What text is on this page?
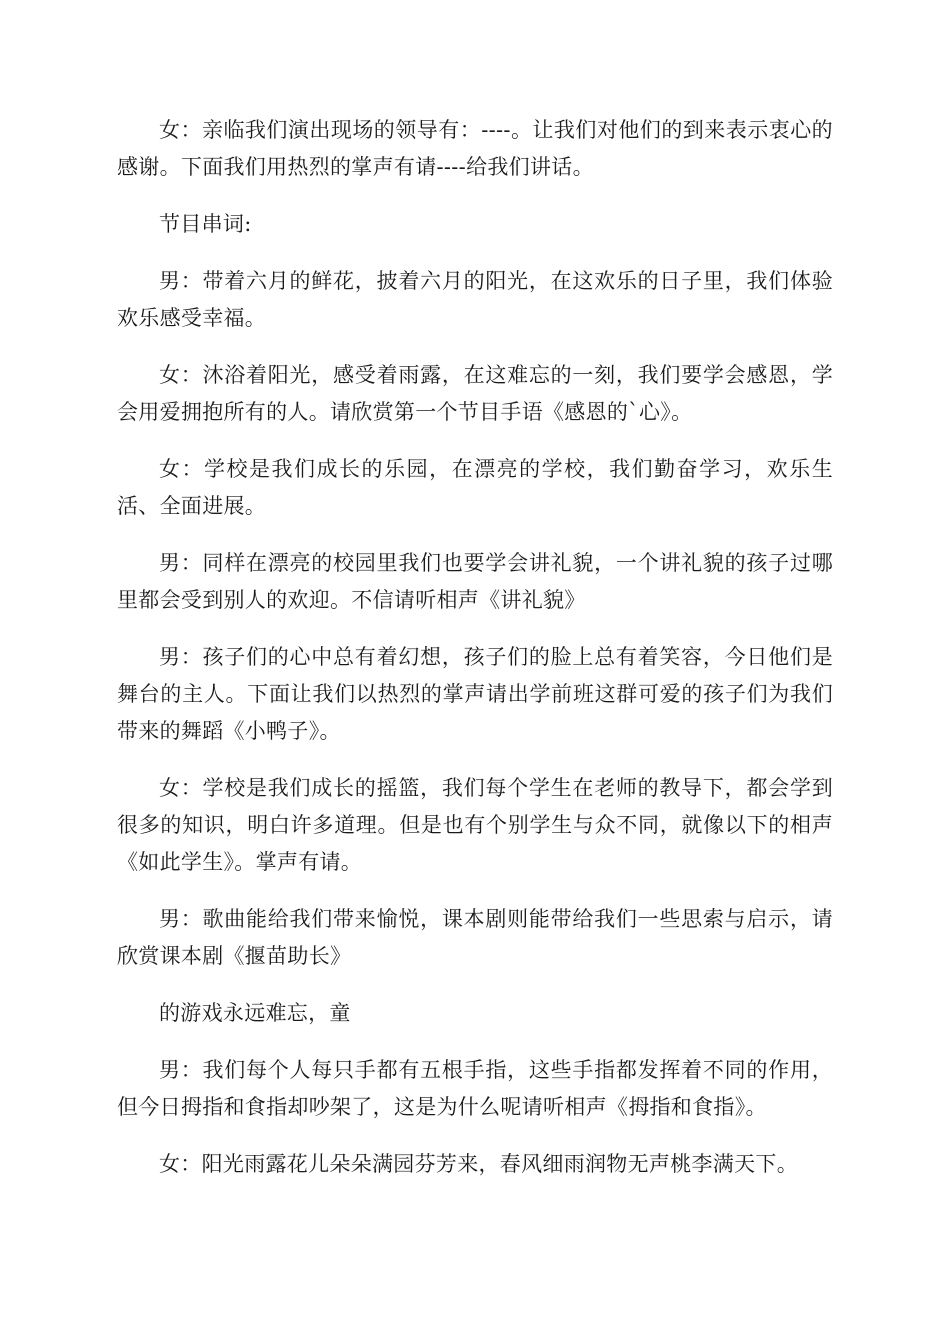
女：亲临我们演出现场的领导有：----。让我们对他们的到来表示衷心的感谢。下面我们用热烈的掌声有请----给我们讲话。

节目串词:

男：带着六月的鲜花，披着六月的阳光，在这欢乐的日子里，我们体验欢乐感受幸福。

女：沐浴着阳光，感受着雨露，在这难忘的一刻，我们要学会感恩，学会用爱拥抱所有的人。请欣赏第一个节目手语《感恩的`心》。

女：学校是我们成长的乐园，在漂亮的学校，我们勤奋学习，欢乐生活、全面进展。

男：同样在漂亮的校园里我们也要学会讲礼貌，一个讲礼貌的孩子过哪里都会受到别人的欢迎。不信请听相声《讲礼貌》

男：孩子们的心中总有着幻想，孩子们的脸上总有着笑容，今日他们是舞台的主人。下面让我们以热烈的掌声请出学前班这群可爱的孩子们为我们带来的舞蹈《小鸭子》。

女：学校是我们成长的摇篮，我们每个学生在老师的教导下，都会学到很多的知识，明白许多道理。但是也有个别学生与众不同，就像以下的相声《如此学生》。掌声有请。

男：歌曲能给我们带来愉悦，课本剧则能带给我们一些思索与启示，请欣赏课本剧《揠苗助长》

的游戏永远难忘，童

男：我们每个人每只手都有五根手指，这些手指都发挥着不同的作用，但今日拇指和食指却吵架了，这是为什么呢请听相声《拇指和食指》。

女：阳光雨露花儿朵朵满园芬芳来，春风细雨润物无声桃李满天下。
